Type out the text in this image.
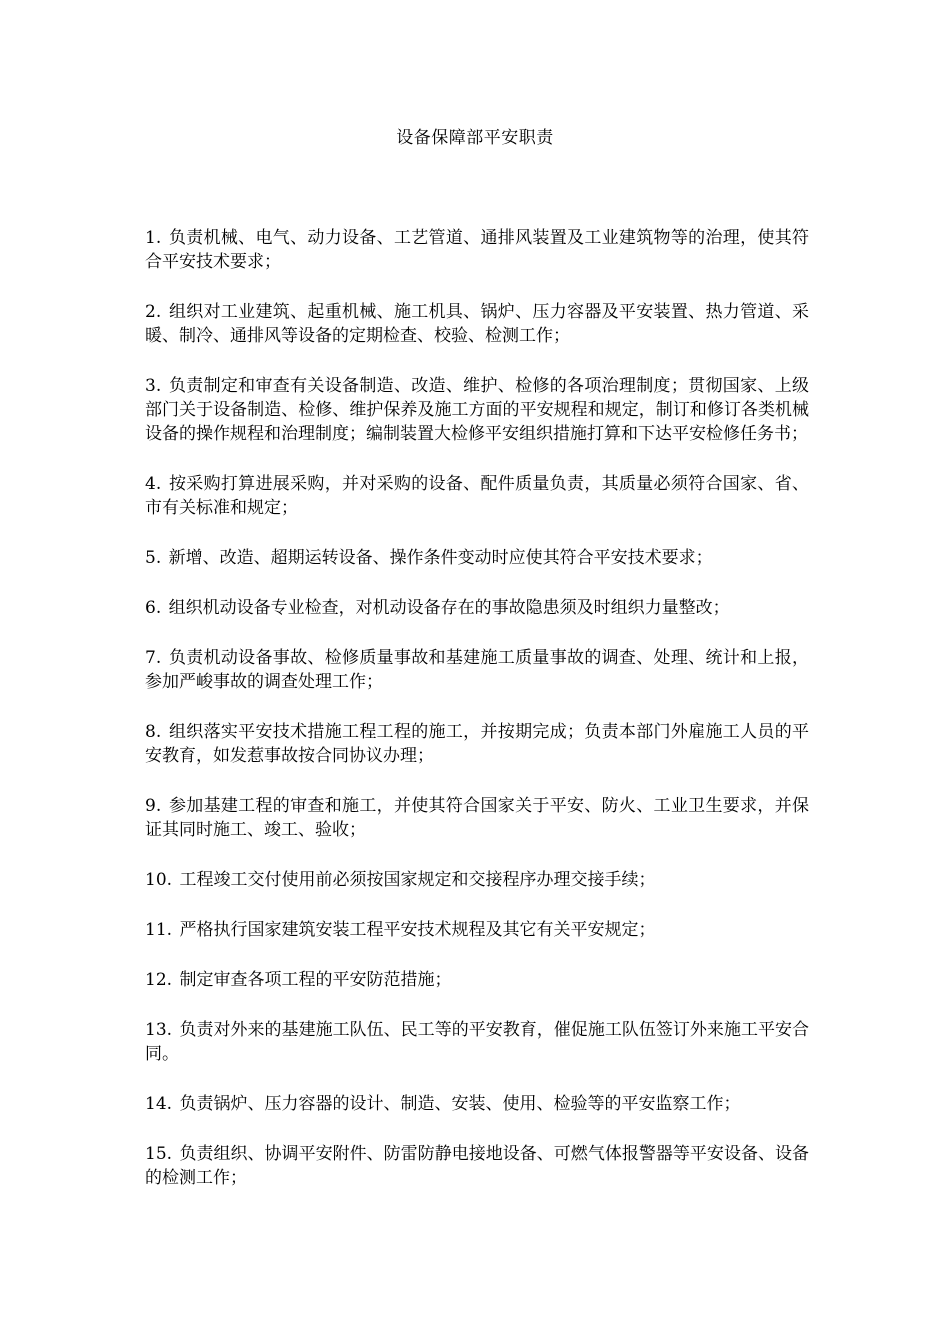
设备保障部平安职责

1. 负责机械、电气、动力设备、工艺管道、通排风装置及工业建筑物等的治理，使其符合平安技术要求；

2. 组织对工业建筑、起重机械、施工机具、锅炉、压力容器及平安装置、热力管道、采暖、制冷、通排风等设备的定期检查、校验、检测工作；

3. 负责制定和审查有关设备制造、改造、维护、检修的各项治理制度；贯彻国家、上级部门关于设备制造、检修、维护保养及施工方面的平安规程和规定，制订和修订各类机械设备的操作规程和治理制度；编制装置大检修平安组织措施打算和下达平安检修任务书；

4. 按采购打算进展采购，并对采购的设备、配件质量负责，其质量必须符合国家、省、市有关标准和规定；

5. 新增、改造、超期运转设备、操作条件变动时应使其符合平安技术要求；

6. 组织机动设备专业检查，对机动设备存在的事故隐患须及时组织力量整改；

7. 负责机动设备事故、检修质量事故和基建施工质量事故的调查、处理、统计和上报，参加严峻事故的调查处理工作；

8. 组织落实平安技术措施工程工程的施工，并按期完成；负责本部门外雇施工人员的平安教育，如发惹事故按合同协议办理；

9. 参加基建工程的审查和施工，并使其符合国家关于平安、防火、工业卫生要求，并保证其同时施工、竣工、验收；

10. 工程竣工交付使用前必须按国家规定和交接程序办理交接手续；

11. 严格执行国家建筑安装工程平安技术规程及其它有关平安规定；

12. 制定审查各项工程的平安防范措施；

13. 负责对外来的基建施工队伍、民工等的平安教育，催促施工队伍签订外来施工平安合同。

14. 负责锅炉、压力容器的设计、制造、安装、使用、检验等的平安监察工作；

15. 负责组织、协调平安附件、防雷防静电接地设备、可燃气体报警器等平安设备、设备的检测工作；
